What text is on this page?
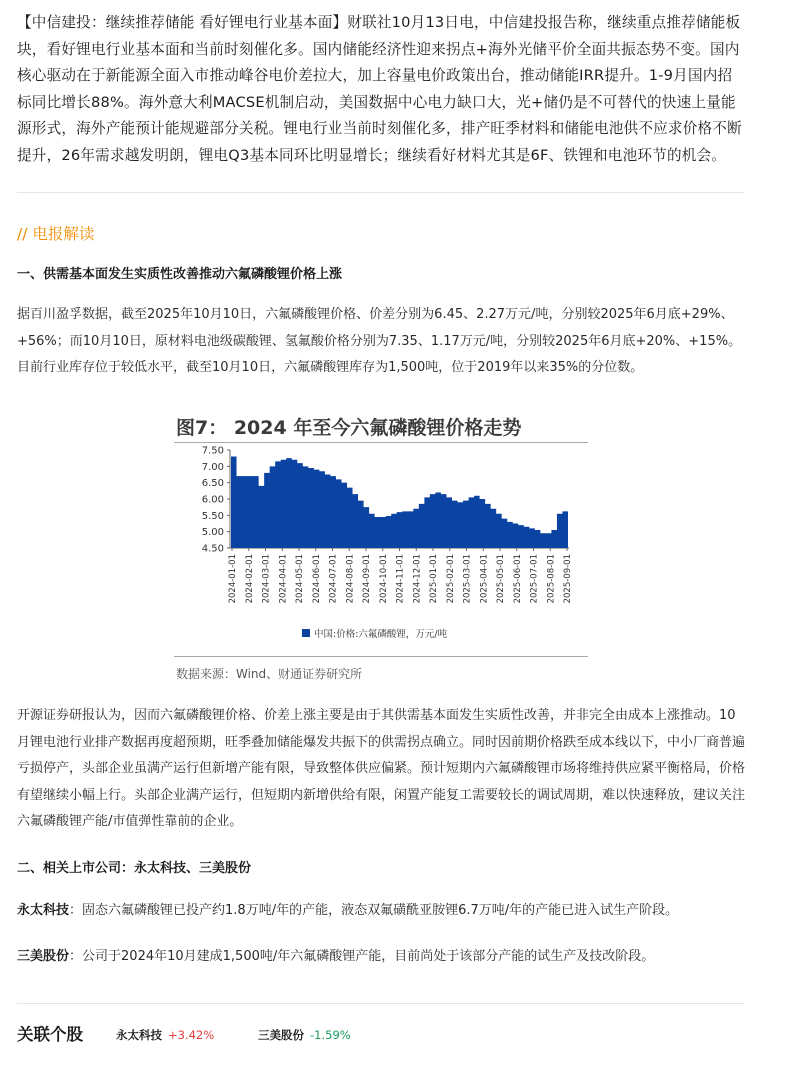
【中信建投：继续推荐储能 看好锂电行业基本面】财联社10月13日电，中信建投报告称，继续重点推荐储能板块，看好锂电行业基本面和当前时刻催化多。国内储能经济性迎来拐点+海外光储平价全面共振态势不变。国内核心驱动在于新能源全面入市推动峰谷电价差拉大，加上容量电价政策出台，推动储能IRR提升。1-9月国内招标同比增长88%。海外意大利MACSE机制启动，美国数据中心电力缺口大，光+储仍是不可替代的快速上量能源形式，海外产能预计能规避部分关税。锂电行业当前时刻催化多，排产旺季材料和储能电池供不应求价格不断提升，26年需求越发明朗，锂电Q3基本同环比明显增长；继续看好材料尤其是6F、铁锂和电池环节的机会。

// 电报解读

一、供需基本面发生实质性改善推动六氟磷酸锂价格上涨

据百川盈孚数据，截至2025年10月10日，六氟磷酸锂价格、价差分别为6.45、2.27万元/吨，分别较2025年6月底+29%、+56%；而10月10日，原材料电池级碳酸锂、氢氟酸价格分别为7.35、1.17万元/吨，分别较2025年6月底+20%、+15%。目前行业库存位于较低水平，截至10月10日，六氟磷酸锂库存为1,500吨，位于2019年以来35%的分位数。

图7： 2024 年至今六氟磷酸锂价格走势
7.50
7.00
6.50
6.00
5.50
5.00
4.50
2024-01-01 2024-02-01 2024-03-01 2024-04-01 2024-05-01 2024-06-01 2024-07-01 2024-08-01 2024-09-01 2024-10-01 2024-11-01 2024-12-01 2025-01-01 2025-02-01 2025-03-01 2025-04-01 2025-05-01 2025-06-01 2025-07-01 2025-08-01 2025-09-01
中国:价格:六氟磷酸锂，万元/吨
数据来源：Wind、财通证券研究所

开源证券研报认为，因而六氟磷酸锂价格、价差上涨主要是由于其供需基本面发生实质性改善，并非完全由成本上涨推动。10月锂电池行业排产数据再度超预期，旺季叠加储能爆发共振下的供需拐点确立。同时因前期价格跌至成本线以下，中小厂商普遍亏损停产，头部企业虽满产运行但新增产能有限，导致整体供应偏紧。预计短期内六氟磷酸锂市场将维持供应紧平衡格局，价格有望继续小幅上行。头部企业满产运行，但短期内新增供给有限，闲置产能复工需要较长的调试周期，难以快速释放，建议关注六氟磷酸锂产能/市值弹性靠前的企业。

二、相关上市公司：永太科技、三美股份

永太科技：固态六氟磷酸锂已投产约1.8万吨/年的产能，液态双氟磺酰亚胺锂6.7万吨/年的产能已进入试生产阶段。

三美股份：公司于2024年10月建成1,500吨/年六氟磷酸锂产能，目前尚处于该部分产能的试生产及技改阶段。

关联个股	永太科技 +3.42%	三美股份 -1.59%
